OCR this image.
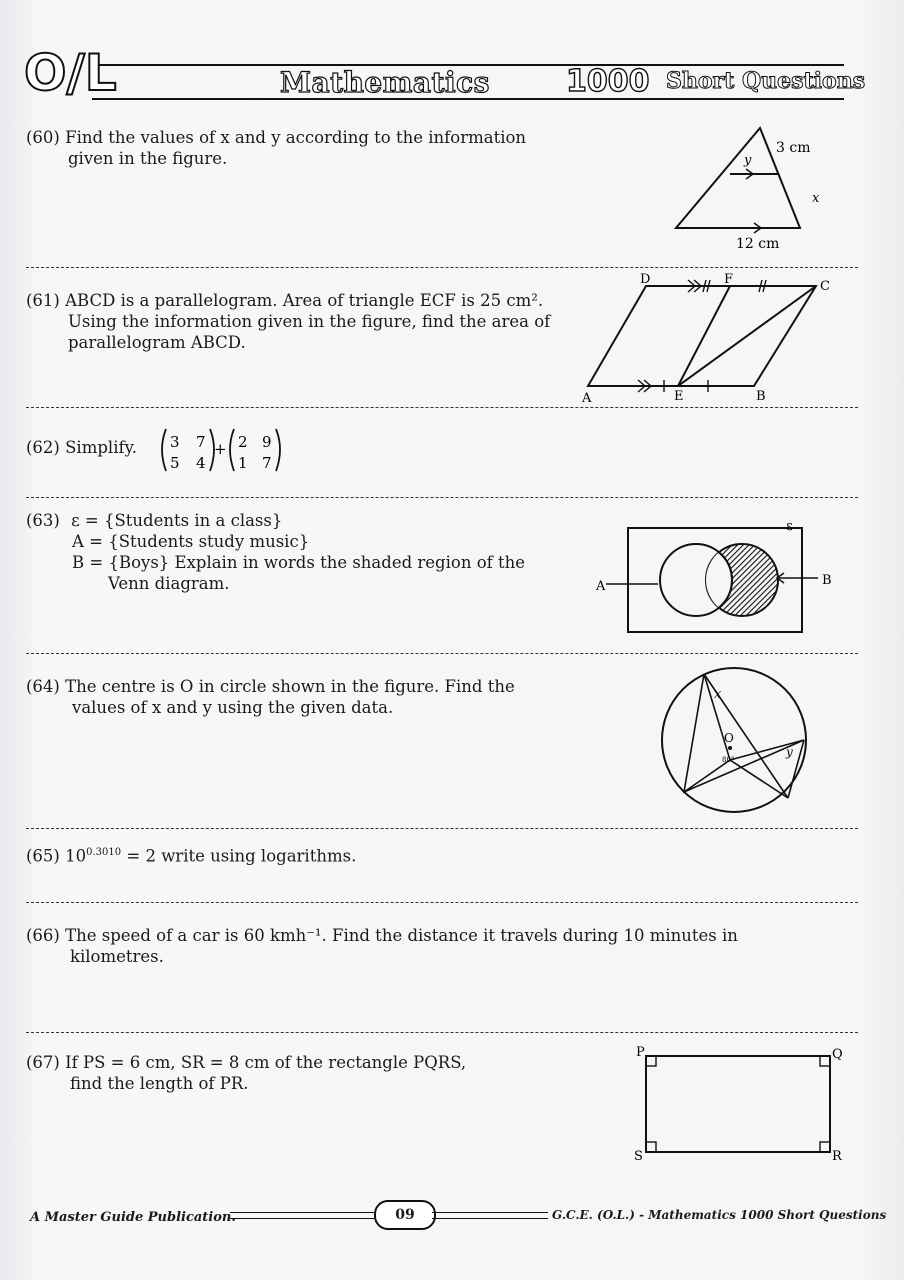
O/L	Mathematics	1000 Short Questions
(60) Find the values of x and y according to the information
given in the figure.
3 cm
y
x
12 cm
(61) ABCD is a parallelogram. Area of triangle ECF is 25 cm².
Using the information given in the figure, find the area of
parallelogram ABCD.
D	F	C
A	E	B
(62) Simplify. 3 7
5 4
+ 2 9
1 7
(63) ε = {Students in a class}
A = {Students study music}
B = {Boys} Explain in words the shaded region of the
Venn diagram.
ε
A	B
(64) The centre is O in circle shown in the figure. Find the
values of x and y using the given data.
x
O
y
80°
(65) $10^{0.3010} = 2$ write using logarithms.
(66) The speed of a car is 60 kmh⁻¹. Find the distance it travels during 10 minutes in
kilometres.
(67) If PS = 6 cm, SR = 8 cm of the rectangle PQRS,
find the length of PR.
P	Q
S	R
A Master Guide Publication.	09	G.C.E. (O.L.) - Mathematics 1000 Short Questions
